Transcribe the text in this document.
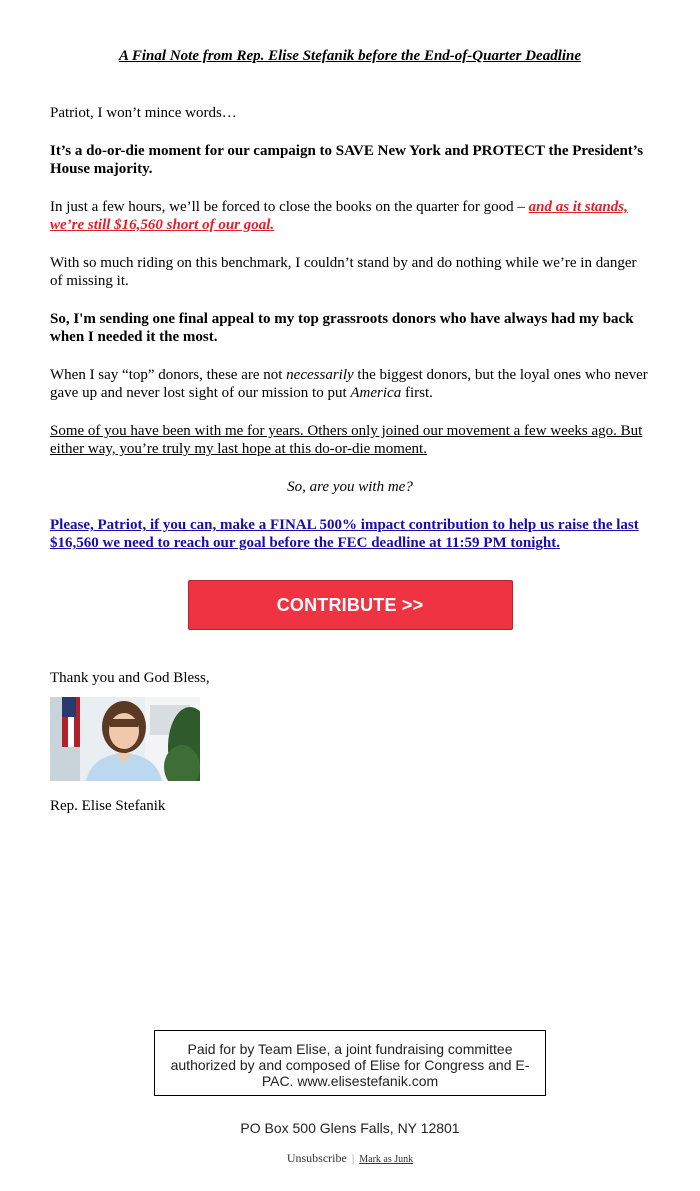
A Final Note from Rep. Elise Stefanik before the End-of-Quarter Deadline

Patriot, I won’t mince words…

It’s a do-or-die moment for our campaign to SAVE New York and PROTECT the President’s House majority.

In just a few hours, we’ll be forced to close the books on the quarter for good – and as it stands, we’re still $16,560 short of our goal.

With so much riding on this benchmark, I couldn’t stand by and do nothing while we’re in danger of missing it.

So, I'm sending one final appeal to my top grassroots donors who have always had my back when I needed it the most.

When I say “top” donors, these are not necessarily the biggest donors, but the loyal ones who never gave up and never lost sight of our mission to put America first.

Some of you have been with me for years. Others only joined our movement a few weeks ago. But either way, you’re truly my last hope at this do-or-die moment.

So, are you with me?

Please, Patriot, if you can, make a FINAL 500% impact contribution to help us raise the last $16,560 we need to reach our goal before the FEC deadline at 11:59 PM tonight.

CONTRIBUTE >>

Thank you and God Bless,

Rep. Elise Stefanik

Paid for by Team Elise, a joint fundraising committee authorized by and composed of Elise for Congress and E-PAC. www.elisestefanik.com
PO Box 500 Glens Falls, NY 12801
Unsubscribe | Mark as Junk
